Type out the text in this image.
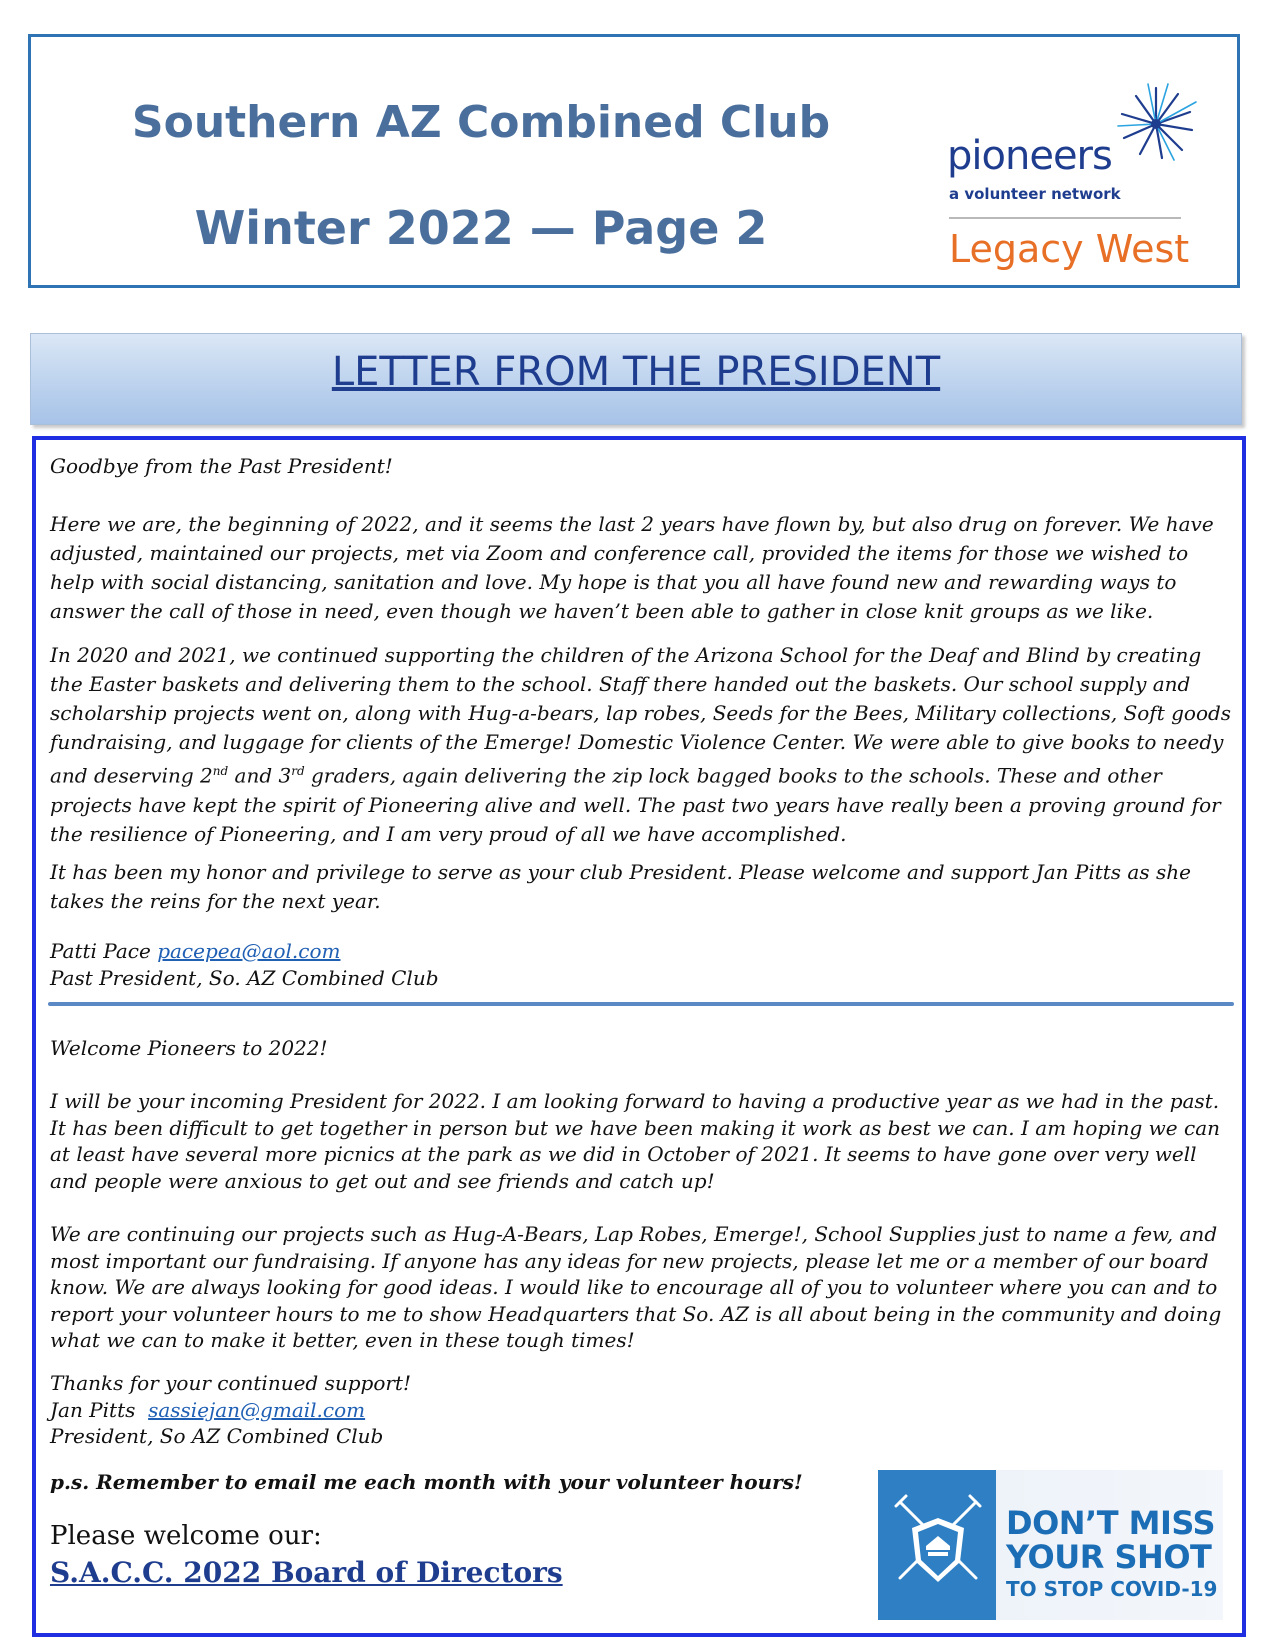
Southern AZ Combined Club
Winter 2022 — Page 2
pioneers
a volunteer network
Legacy West
LETTER FROM THE PRESIDENT

Goodbye from the Past President!

Here we are, the beginning of 2022, and it seems the last 2 years have flown by, but also drug on forever. We have adjusted, maintained our projects, met via Zoom and conference call, provided the items for those we wished to help with social distancing, sanitation and love. My hope is that you all have found new and rewarding ways to answer the call of those in need, even though we haven’t been able to gather in close knit groups as we like.

In 2020 and 2021, we continued supporting the children of the Arizona School for the Deaf and Blind by creating the Easter baskets and delivering them to the school. Staff there handed out the baskets. Our school supply and scholarship projects went on, along with Hug-a-bears, lap robes, Seeds for the Bees, Military collections, Soft goods fundraising, and luggage for clients of the Emerge! Domestic Violence Center. We were able to give books to needy and deserving 2nd and 3rd graders, again delivering the zip lock bagged books to the schools. These and other projects have kept the spirit of Pioneering alive and well. The past two years have really been a proving ground for the resilience of Pioneering, and I am very proud of all we have accomplished.

It has been my honor and privilege to serve as your club President. Please welcome and support Jan Pitts as she takes the reins for the next year.

Patti Pace pacepea@aol.com
Past President, So. AZ Combined Club

Welcome Pioneers to 2022!

I will be your incoming President for 2022. I am looking forward to having a productive year as we had in the past. It has been difficult to get together in person but we have been making it work as best we can. I am hoping we can at least have several more picnics at the park as we did in October of 2021. It seems to have gone over very well and people were anxious to get out and see friends and catch up!

We are continuing our projects such as Hug-A-Bears, Lap Robes, Emerge!, School Supplies just to name a few, and most important our fundraising. If anyone has any ideas for new projects, please let me or a member of our board know. We are always looking for good ideas. I would like to encourage all of you to volunteer where you can and to report your volunteer hours to me to show Headquarters that So. AZ is all about being in the community and doing what we can to make it better, even in these tough times!

Thanks for your continued support!
Jan Pitts sassiejan@gmail.com
President, So AZ Combined Club

p.s. Remember to email me each month with your volunteer hours!

Please welcome our:

S.A.C.C. 2022 Board of Directors

DON’T MISS
YOUR SHOT
TO STOP COVID-19
